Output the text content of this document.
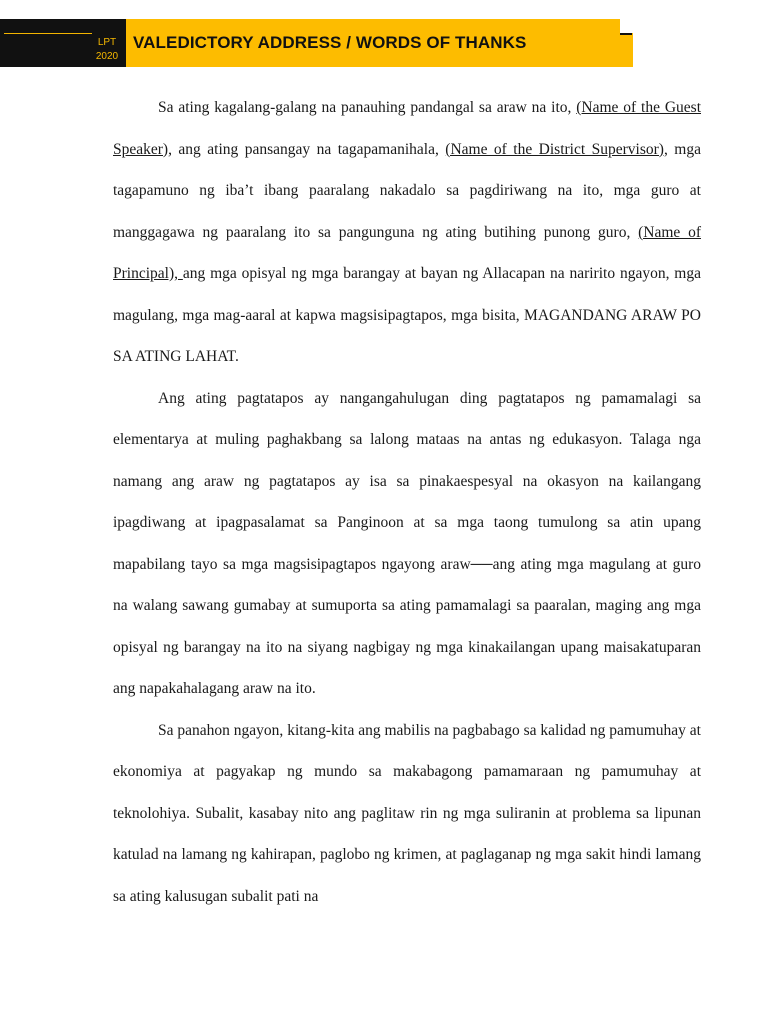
LPT
2020
VALEDICTORY ADDRESS / WORDS OF THANKS

Sa ating kagalang-galang na panauhing pandangal sa araw na ito, (Name of the Guest Speaker), ang ating pansangay na tagapamanihala, (Name of the District Supervisor), mga tagapamuno ng iba’t ibang paaralang nakadalo sa pagdiriwang na ito, mga guro at manggagawa ng paaralang ito sa pangunguna ng ating butihing punong guro, (Name of Principal), ang mga opisyal ng mga barangay at bayan ng Allacapan na naririto ngayon, mga magulang, mga mag-aaral at kapwa magsisipagtapos, mga bisita, MAGANDANG ARAW PO SA ATING LAHAT.

Ang ating pagtatapos ay nangangahulugan ding pagtatapos ng pamamalagi sa elementarya at muling paghakbang sa lalong mataas na antas ng edukasyon. Talaga nga namang ang araw ng pagtatapos ay isa sa pinakaespesyal na okasyon na kailangang ipagdiwang at ipagpasalamat sa Panginoon at sa mga taong tumulong sa atin upang mapabilang tayo sa mga magsisipagtapos ngayong araw──ang ating mga magulang at guro na walang sawang gumabay at sumuporta sa ating pamamalagi sa paaralan, maging ang mga opisyal ng barangay na ito na siyang nagbigay ng mga kinakailangan upang maisakatuparan ang napakahalagang araw na ito.

Sa panahon ngayon, kitang-kita ang mabilis na pagbabago sa kalidad ng pamumuhay at ekonomiya at pagyakap ng mundo sa makabagong pamamaraan ng pamumuhay at teknolohiya. Subalit, kasabay nito ang paglitaw rin ng mga suliranin at problema sa lipunan katulad na lamang ng kahirapan, paglobo ng krimen, at paglaganap ng mga sakit hindi lamang sa ating kalusugan subalit pati na
